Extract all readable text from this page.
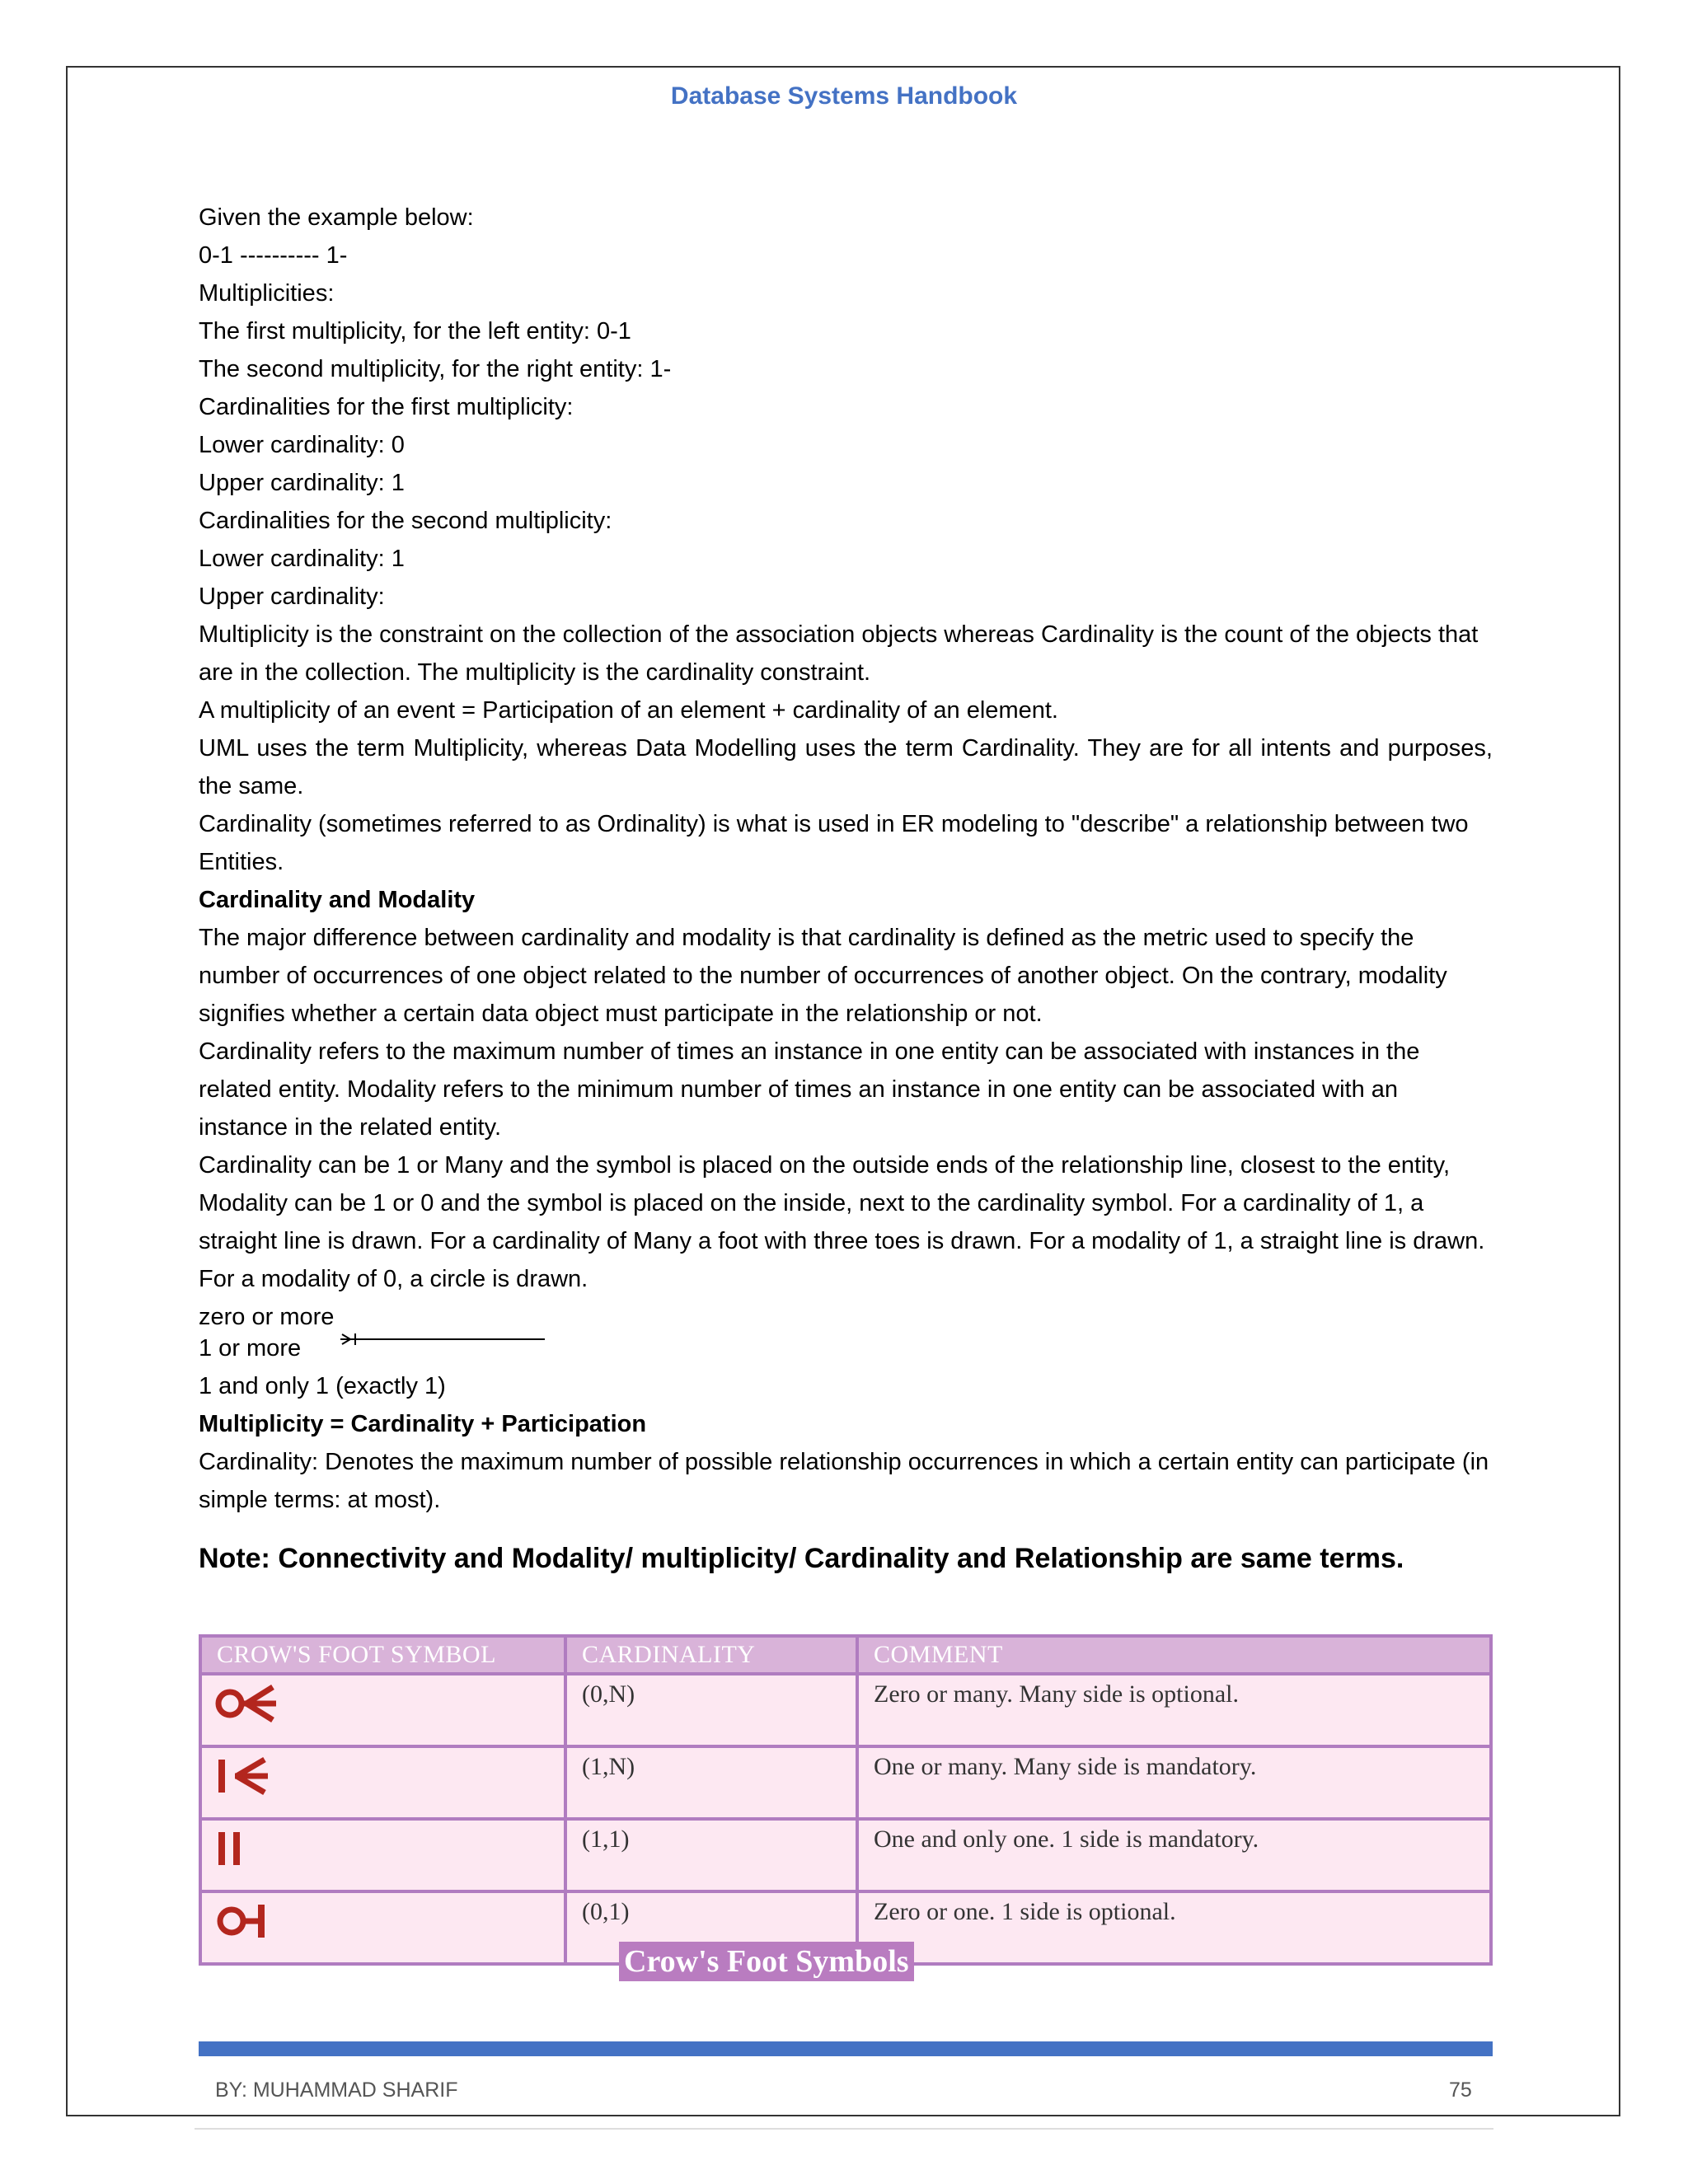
Database Systems Handbook
Given the example below:
0-1 ---------- 1-
Multiplicities:
The first multiplicity, for the left entity: 0-1
The second multiplicity, for the right entity: 1-
Cardinalities for the first multiplicity:
Lower cardinality: 0
Upper cardinality: 1
Cardinalities for the second multiplicity:
Lower cardinality: 1
Upper cardinality:
Multiplicity is the constraint on the collection of the association objects whereas Cardinality is the count of the objects that are in the collection. The multiplicity is the cardinality constraint.
A multiplicity of an event = Participation of an element + cardinality of an element.
UML uses the term Multiplicity, whereas Data Modelling uses the term Cardinality. They are for all intents and purposes, the same.
Cardinality (sometimes referred to as Ordinality) is what is used in ER modeling to "describe" a relationship between two Entities.
Cardinality and Modality
The major difference between cardinality and modality is that cardinality is defined as the metric used to specify the number of occurrences of one object related to the number of occurrences of another object. On the contrary, modality signifies whether a certain data object must participate in the relationship or not.
Cardinality refers to the maximum number of times an instance in one entity can be associated with instances in the related entity. Modality refers to the minimum number of times an instance in one entity can be associated with an instance in the related entity.
Cardinality can be 1 or Many and the symbol is placed on the outside ends of the relationship line, closest to the entity, Modality can be 1 or 0 and the symbol is placed on the inside, next to the cardinality symbol. For a cardinality of 1, a straight line is drawn. For a cardinality of Many a foot with three toes is drawn. For a modality of 1, a straight line is drawn. For a modality of 0, a circle is drawn.
zero or more
1 or more
1 and only 1 (exactly 1)
Multiplicity = Cardinality + Participation
Cardinality: Denotes the maximum number of possible relationship occurrences in which a certain entity can participate (in simple terms: at most).
Note: Connectivity and Modality/ multiplicity/ Cardinality and Relationship are same terms.
CROW'S FOOT SYMBOL	CARDINALITY	COMMENT
	(0,N)	Zero or many. Many side is optional.
	(1,N)	One or many. Many side is mandatory.
	(1,1)	One and only one. 1 side is mandatory.
	(0,1)	Zero or one. 1 side is optional.
Crow's Foot Symbols
BY: MUHAMMAD SHARIF	75
